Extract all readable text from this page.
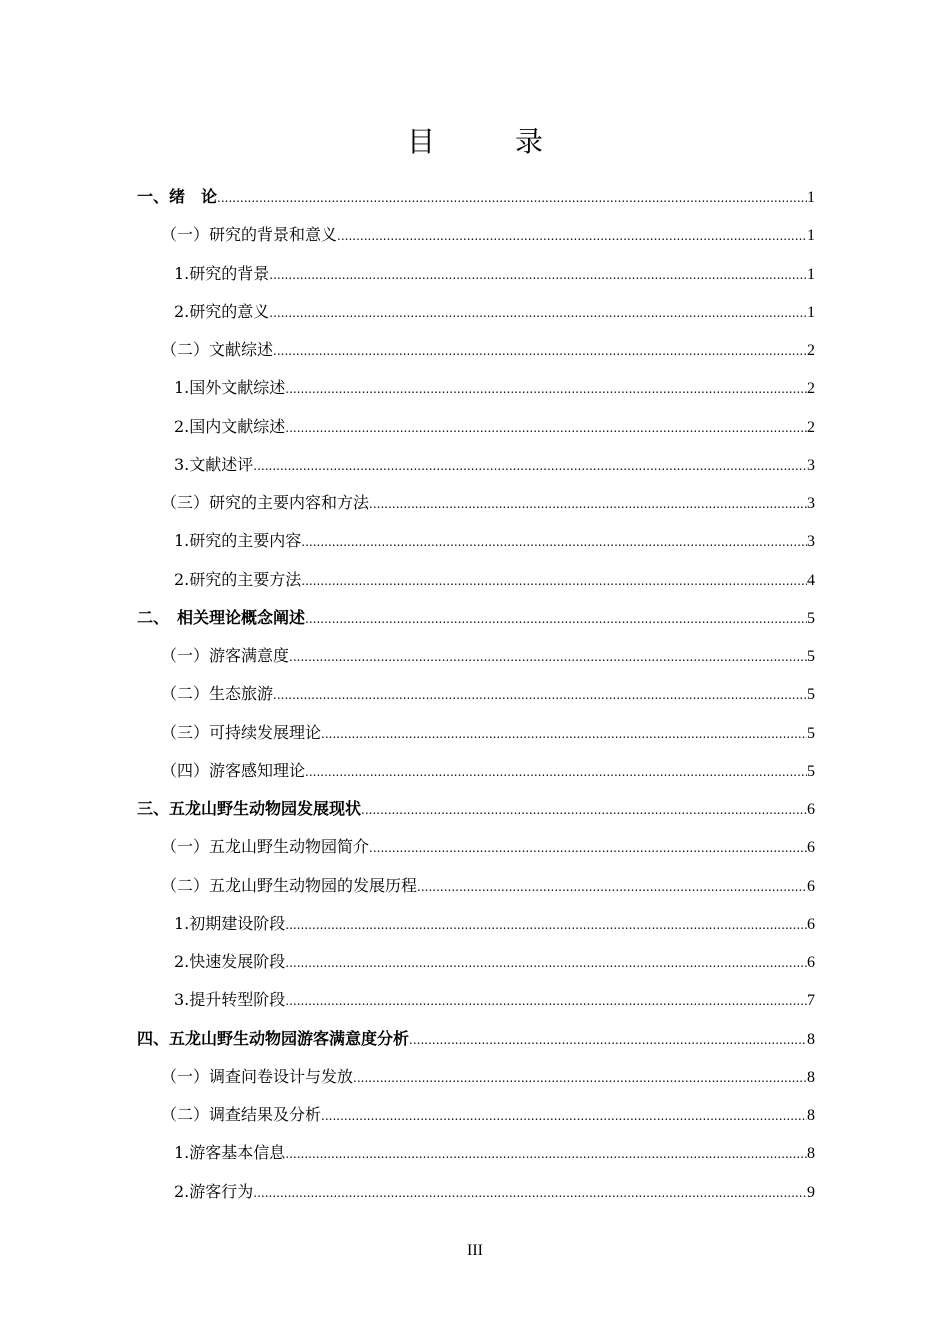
目　录
一、绪　论 .....	1
（一）研究的背景和意义 .....	1
1.研究的背景 .....	1
2.研究的意义 .....	1
（二）文献综述 .....	2
1.国外文献综述 .....	2
2.国内文献综述 .....	2
3.文献述评 .....	3
（三）研究的主要内容和方法 .....	3
1.研究的主要内容 .....	3
2.研究的主要方法 .....	4
二、　相关理论概念阐述 .....	5
（一）游客满意度 .....	5
（二）生态旅游 .....	5
（三）可持续发展理论 .....	5
（四）游客感知理论 .....	5
三、五龙山野生动物园发展现状 .....	6
（一）五龙山野生动物园简介 .....	6
（二）五龙山野生动物园的发展历程 .....	6
1.初期建设阶段 .....	6
2.快速发展阶段 .....	6
3.提升转型阶段 .....	7
四、五龙山野生动物园游客满意度分析 .....	8
（一）调查问卷设计与发放 .....	8
（二）调查结果及分析 .....	8
1.游客基本信息 .....	8
2.游客行为 .....	9
III
